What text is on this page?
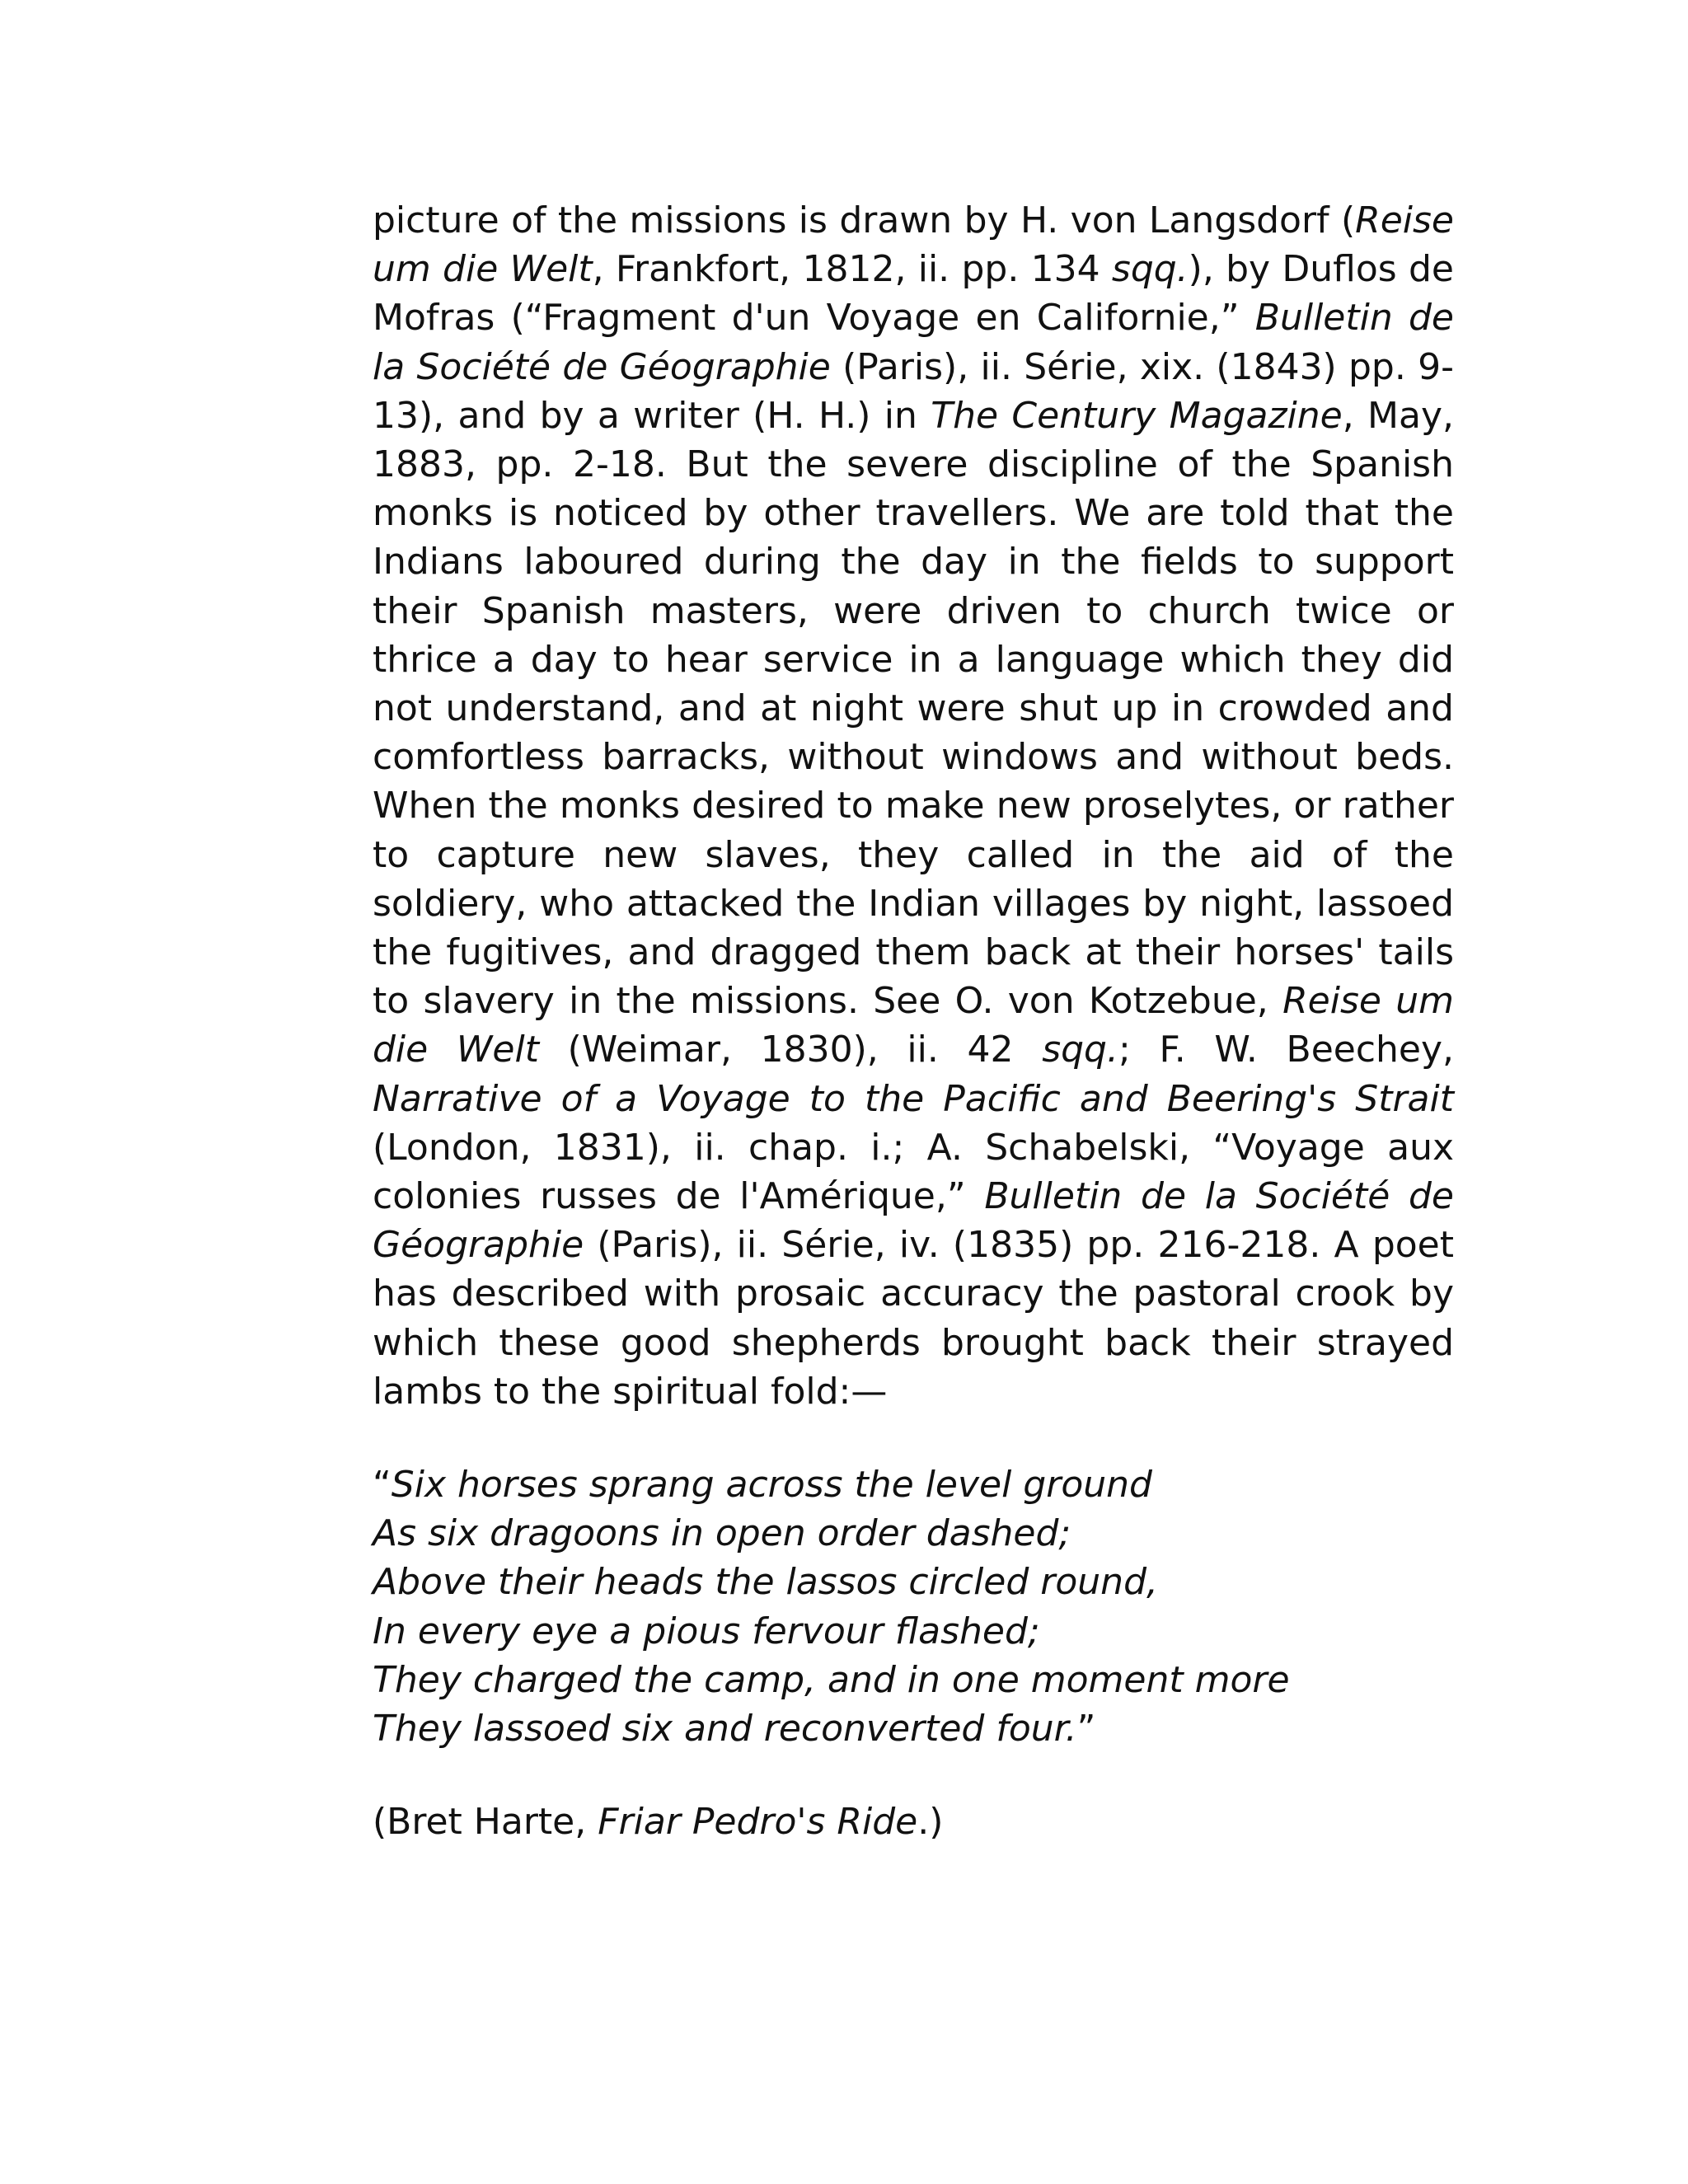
picture of the missions is drawn by H. von Langsdorf (Reise um die Welt, Frankfort, 1812, ii. pp. 134 sqq.), by Duflos de Mofras (“Fragment d'un Voyage en Californie,” Bulletin de la Société de Géographie (Paris), ii. Série, xix. (1843) pp. 9-13), and by a writer (H. H.) in The Century Magazine, May, 1883, pp. 2-18. But the severe discipline of the Spanish monks is noticed by other travellers. We are told that the Indians laboured during the day in the fields to support their Spanish masters, were driven to church twice or thrice a day to hear service in a language which they did not understand, and at night were shut up in crowded and comfortless barracks, without windows and without beds. When the monks desired to make new proselytes, or rather to capture new slaves, they called in the aid of the soldiery, who attacked the Indian villages by night, lassoed the fugitives, and dragged them back at their horses' tails to slavery in the missions. See O. von Kotzebue, Reise um die Welt (Weimar, 1830), ii. 42 sqq.; F. W. Beechey, Narrative of a Voyage to the Pacific and Beering's Strait (London, 1831), ii. chap. i.; A. Schabelski, “Voyage aux colonies russes de l'Amérique,” Bulletin de la Société de Géographie (Paris), ii. Série, iv. (1835) pp. 216-218. A poet has described with prosaic accuracy the pastoral crook by which these good shepherds brought back their strayed lambs to the spiritual fold:—

“Six horses sprang across the level ground
As six dragoons in open order dashed;
Above their heads the lassos circled round,
In every eye a pious fervour flashed;
They charged the camp, and in one moment more
They lassoed six and reconverted four.”

(Bret Harte, Friar Pedro's Ride.)
